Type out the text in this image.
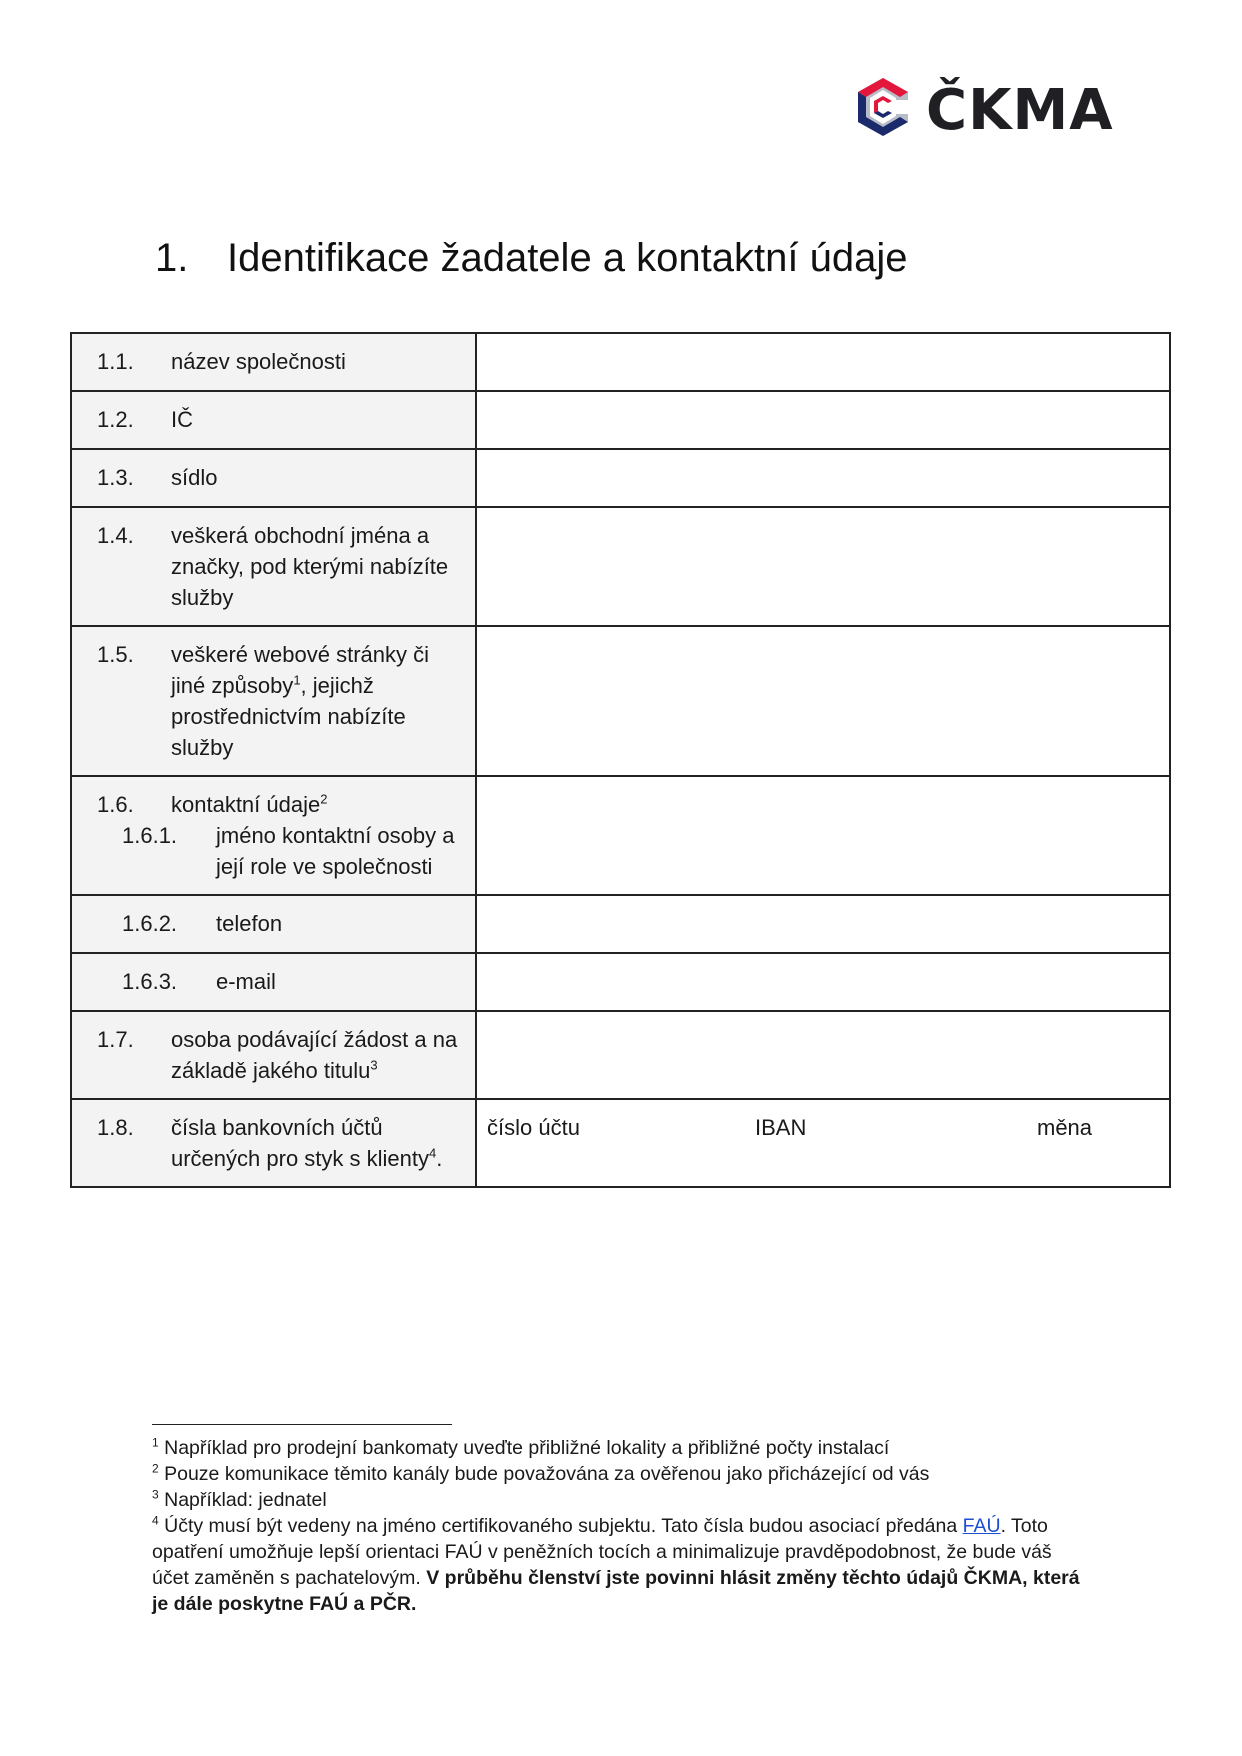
ČKMA
1. Identifikace žadatele a kontaktní údaje
1.1. název společnosti	

1.2. IČ	

1.3. sídlo	

1.4. veškerá obchodní jména a značky, pod kterými nabízíte služby	

1.5. veškeré webové stránky či jiné způsoby$^1$, jejichž prostřednictvím nabízíte služby	

1.6. kontaktní údaje$^2$
1.6.1. jméno kontaktní osoby a její role ve společnosti	

1.6.2. telefon	

1.6.3. e-mail	

1.7. osoba podávající žádost a na základě jakého titulu$^3$

1.8. čísla bankovních účtů určených pro styk s klienty$^4$.	číslo účtu IBAN měna

$^1$ Například pro prodejní bankomaty uveďte přibližné lokality a přibližné počty instalací

$^2$ Pouze komunikace těmito kanály bude považována za ověřenou jako přicházející od vás

$^3$ Například: jednatel

$^4$ Účty musí být vedeny na jméno certifikovaného subjektu. Tato čísla budou asociací předána FAÚ. Toto opatření umožňuje lepší orientaci FAÚ v peněžních tocích a minimalizuje pravděpodobnost, že bude váš účet zaměněn s pachatelovým. V průběhu členství jste povinni hlásit změny těchto údajů ČKMA, která je dále poskytne FAÚ a PČR.
